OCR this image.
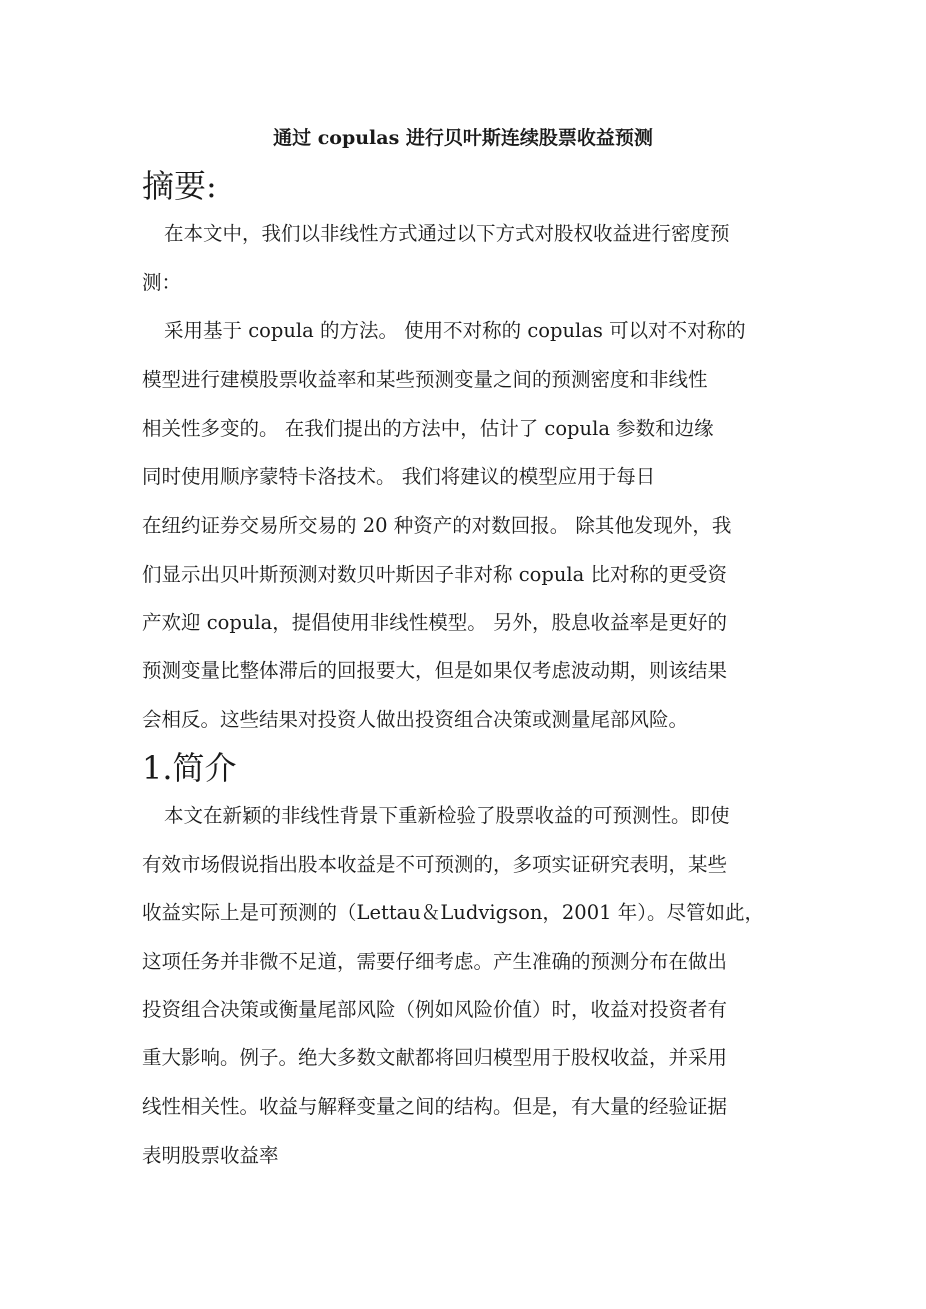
通过 copulas 进行贝叶斯连续股票收益预测
摘要:
在本文中，我们以非线性方式通过以下方式对股权收益进行密度预
测：
采用基于 copula 的方法。 使用不对称的 copulas 可以对不对称的
模型进行建模股票收益率和某些预测变量之间的预测密度和非线性
相关性多变的。 在我们提出的方法中，估计了 copula 参数和边缘
同时使用顺序蒙特卡洛技术。 我们将建议的模型应用于每日
在纽约证券交易所交易的 20 种资产的对数回报。 除其他发现外，我
们显示出贝叶斯预测对数贝叶斯因子非对称 copula 比对称的更受资
产欢迎 copula，提倡使用非线性模型。 另外，股息收益率是更好的
预测变量比整体滞后的回报要大，但是如果仅考虑波动期，则该结果
会相反。这些结果对投资人做出投资组合决策或测量尾部风险。
1.简介
本文在新颖的非线性背景下重新检验了股票收益的可预测性。即使
有效市场假说指出股本收益是不可预测的，多项实证研究表明，某些
收益实际上是可预测的（Lettau＆Ludvigson，2001 年）。尽管如此，
这项任务并非微不足道，需要仔细考虑。产生准确的预测分布在做出
投资组合决策或衡量尾部风险（例如风险价值）时，收益对投资者有
重大影响。例子。绝大多数文献都将回归模型用于股权收益，并采用
线性相关性。收益与解释变量之间的结构。但是，有大量的经验证据
表明股票收益率
